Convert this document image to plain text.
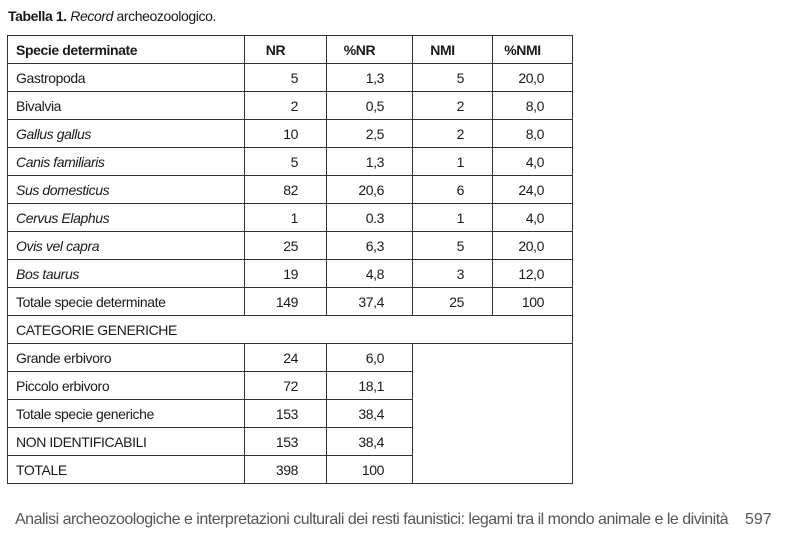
Tabella 1. Record archeozoologico.
Specie determinate	NR	%NR	NMI	%NMI
Gastropoda	5	1,3	5	20,0
Bivalvia	2	0,5	2	8,0
Gallus gallus	10	2,5	2	8,0
Canis familiaris	5	1,3	1	4,0
Sus domesticus	82	20,6	6	24,0
Cervus Elaphus	1	0.3	1	4,0
Ovis vel capra	25	6,3	5	20,0
Bos taurus	19	4,8	3	12,0
Totale specie determinate	149	37,4	25	100
CATEGORIE GENERICHE				
Grande erbivoro	24	6,0		
Piccolo erbivoro	72	18,1		
Totale specie generiche	153	38,4		
NON IDENTIFICABILI	153	38,4		
TOTALE	398	100		
Analisi archeozoologiche e interpretazioni culturali dei resti faunistici: legami tra il mondo animale e le divinità 597
